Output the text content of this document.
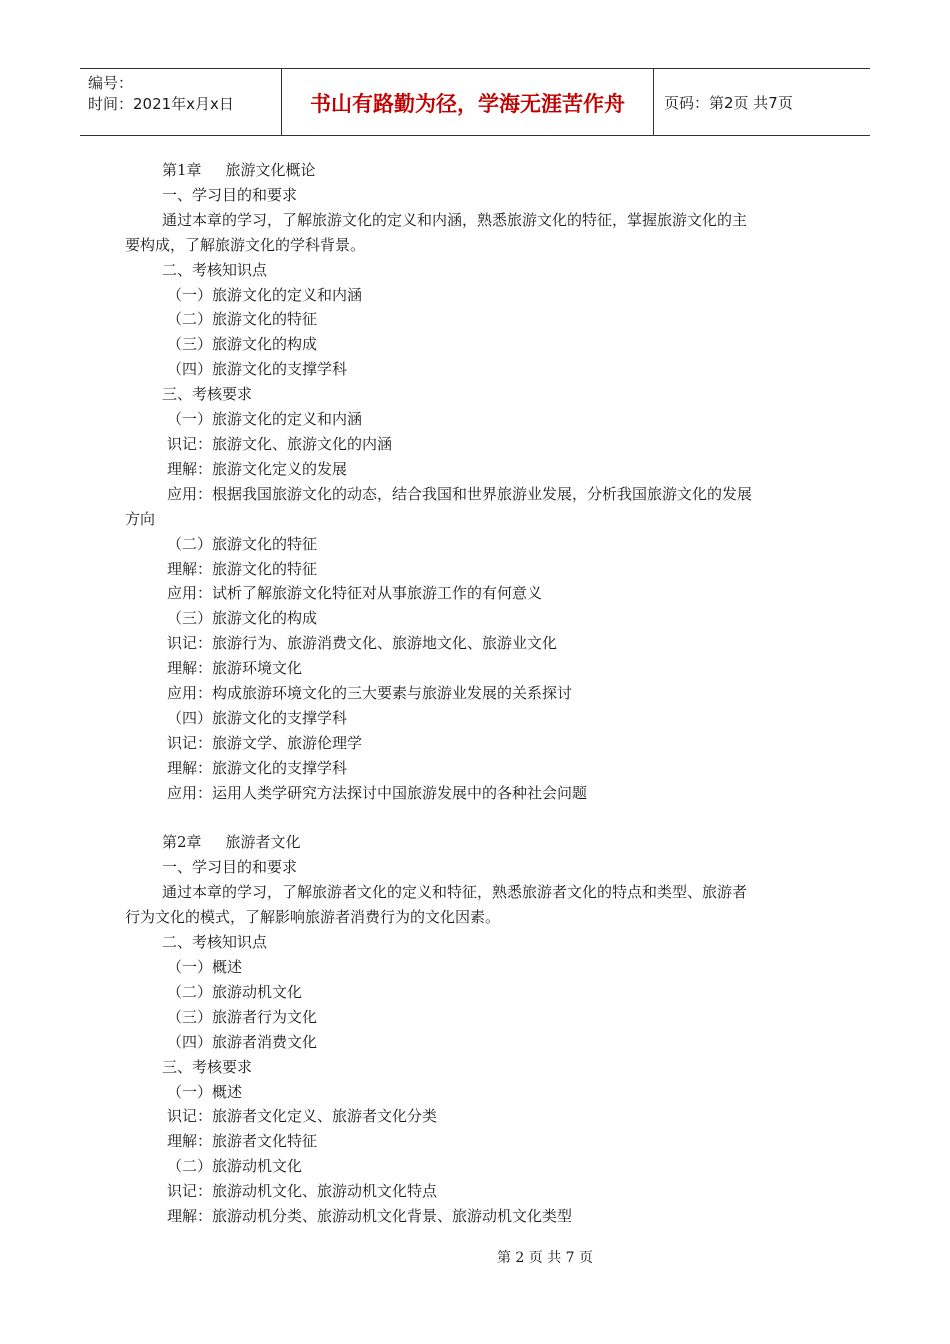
编号：
时间：2021年x月x日	书山有路勤为径，学海无涯苦作舟	页码：第2页 共7页
第1章 旅游文化概论
一、学习目的和要求
通过本章的学习，了解旅游文化的定义和内涵，熟悉旅游文化的特征，掌握旅游文化的主
要构成，了解旅游文化的学科背景。
二、考核知识点
（一）旅游文化的定义和内涵
（二）旅游文化的特征
（三）旅游文化的构成
（四）旅游文化的支撑学科
三、考核要求
（一）旅游文化的定义和内涵
识记：旅游文化、旅游文化的内涵
理解：旅游文化定义的发展
应用：根据我国旅游文化的动态，结合我国和世界旅游业发展，分析我国旅游文化的发展
方向
（二）旅游文化的特征
理解：旅游文化的特征
应用：试析了解旅游文化特征对从事旅游工作的有何意义
（三）旅游文化的构成
识记：旅游行为、旅游消费文化、旅游地文化、旅游业文化
理解：旅游环境文化
应用：构成旅游环境文化的三大要素与旅游业发展的关系探讨
（四）旅游文化的支撑学科
识记：旅游文学、旅游伦理学
理解：旅游文化的支撑学科
应用：运用人类学研究方法探讨中国旅游发展中的各种社会问题
第2章 旅游者文化
一、学习目的和要求
通过本章的学习，了解旅游者文化的定义和特征，熟悉旅游者文化的特点和类型、旅游者
行为文化的模式，了解影响旅游者消费行为的文化因素。
二、考核知识点
（一）概述
（二）旅游动机文化
（三）旅游者行为文化
（四）旅游者消费文化
三、考核要求
（一）概述
识记：旅游者文化定义、旅游者文化分类
理解：旅游者文化特征
（二）旅游动机文化
识记：旅游动机文化、旅游动机文化特点
理解：旅游动机分类、旅游动机文化背景、旅游动机文化类型
第 2 页 共 7 页
